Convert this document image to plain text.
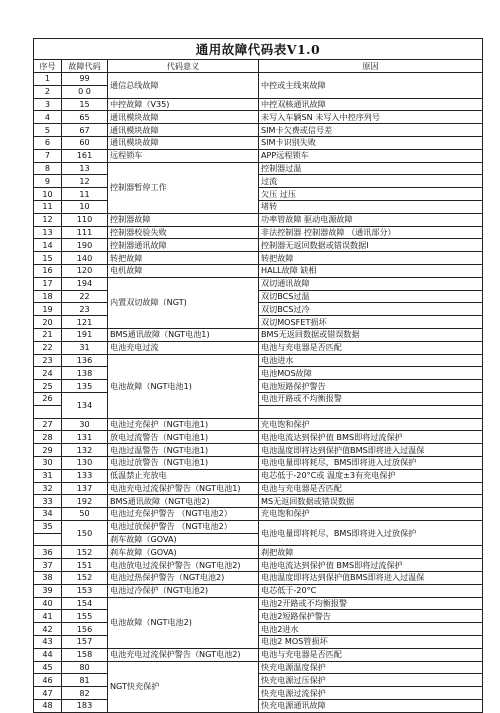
通用故障代码表V1.0			
序号	故障代码	代码意义	原因
1	99	通信总线故障	中控或主线束故障
2	0 0		
3	15	中控故障（V35)	中控双核通讯故障
4	65	通讯模块故障	未写入车辆SN 未写入中控序列号
5	67	通讯模块故障	SIM卡欠费或信号差
6	60	通讯模块故障	SIM卡识别失败
7	161	远程锁车	APP远程锁车
8	13	控制器暂停工作	控制器过温
9	12		过流
10	11		欠压 过压
11	10		堵转
12	110	控制器故障	功率管故障 驱动电源故障
13	111	控制器校验失败	非法控制器 控制器故障 （通讯部分）
14	190	控制器通讯故障	控制器无返回数据或错误数据I
15	140	转把故障	转把故障
16	120	电机故障	HALL故障 缺相
17	194	内置双切故障（NGT)	双切通讯故障
18	22		双切BCS过温
19	23		双切BCS过冷
20	121		双切MOSFET损坏
21	191	BMS通讯故障（NGT电池1)	BMS无返回数据或错误数据
22	31	电池充电过流	电池与充电器是否匹配
23	136	电池故障（NGT电池1)	电池进水
24	138		电池MOS故障
25	135		电池短路保护警告
26	134		电池开路或不均衡报警

27	30	电池过充保护（NGT电池1)	充电饱和保护
28	131	放电过流警告（NGT电池1)	电池电流达到保护值 BMS即将过流保护
29	132	电池过温警告（NGT电池1)	电池温度即将达到保护值BMS即将进入过温保
30	130	电池过放警告（NGT电池1)	电池电量即将耗尽，BMS即将进入过放保护
31	133	低温禁止充放电	电芯低于-20°C或 温度±3有充电保护
32	137	电池充电过流保护警告（NGT电池1)	电池与充电器是否匹配
33	192	BMS通讯故障（NGT电池2)	MS无返回数据或错误数据
34	50	电池过充保护警告 （NGT电池2）	充电饱和保护
35	150	电池过放保护警告 （NGT电池2）	电池电量即将耗尽，BMS即将进入过放保护
		刹车故障（GOVA)	
36	152	刹车故障（GOVA)	刹把故障
37	151	电池放电过流保护警告（NGT电池2)	电池电流达到保护值 BMS即将过流保护
38	152	电池过热保护警告（NGT电池2)	电池温度即将达到保护值BMS即将进入过温保
39	153	电池过冷保护（NGT电池2)	电芯低于-20°C
40	154	电池故障（NGT电池2)	电池2开路或不均衡报警
41	155		电池2短路保护警告
42	156		电池2进水
43	157		电池2 MOS管损坏
44	158	电池充电过流保护警告（NGT电池2)	电池与充电器是否匹配
45	80	NGT快充保护	快充电源温度保护
46	81		快充电源过压保护
47	82		快充电源过流保护
48	183		快充电源通讯故障
